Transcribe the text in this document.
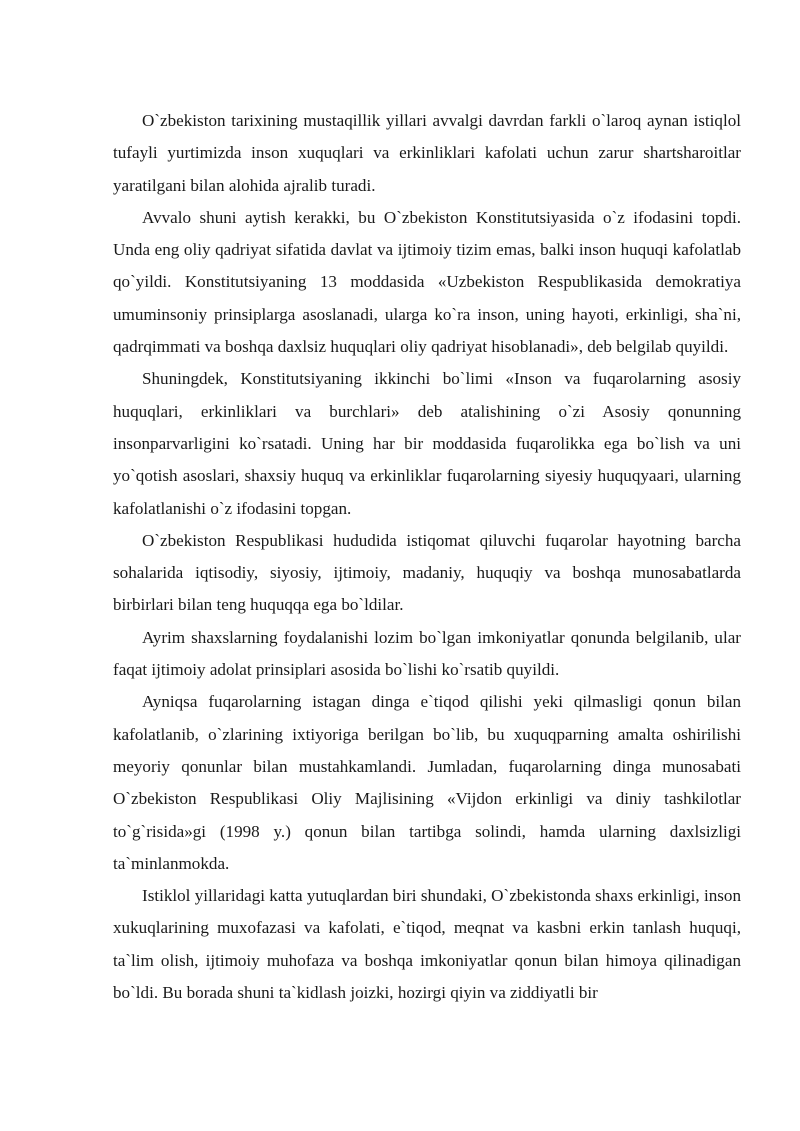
O`zbekiston tarixining mustaqillik yillari avvalgi davrdan farkli o`laroq aynan istiqlol tufayli yurtimizda inson xuquqlari va erkinliklari kafolati uchun zarur shartsharoitlar yaratilgani bilan alohida ajralib turadi.

Avvalo shuni aytish kerakki, bu O`zbekiston Konstitutsiyasida o`z ifodasini topdi. Unda eng oliy qadriyat sifatida davlat va ijtimoiy tizim emas, balki inson huquqi kafolatlab qo`yildi. Konstitutsiyaning 13 moddasida «Uzbekiston Respublikasida demokratiya umuminsoniy prinsiplarga asoslanadi, ularga ko`ra inson, uning hayoti, erkinligi, sha`ni, qadrqimmati va boshqa daxlsiz huquqlari oliy qadriyat hisoblanadi», deb belgilab quyildi.

Shuningdek, Konstitutsiyaning ikkinchi bo`limi «Inson va fuqarolarning asosiy huquqlari, erkinliklari va burchlari» deb atalishining o`zi Asosiy qonunning insonparvarligini ko`rsatadi. Uning har bir moddasida fuqarolikka ega bo`lish va uni yo`qotish asoslari, shaxsiy huquq va erkinliklar fuqarolarning siyesiy huquqyaari, ularning kafolatlanishi o`z ifodasini topgan.

O`zbekiston Respublikasi hududida istiqomat qiluvchi fuqarolar hayotning barcha sohalarida iqtisodiy, siyosiy, ijtimoiy, madaniy, huquqiy va boshqa munosabatlarda birbirlari bilan teng huquqqa ega bo`ldilar.

Ayrim shaxslarning foydalanishi lozim bo`lgan imkoniyatlar qonunda belgilanib, ular faqat ijtimoiy adolat prinsiplari asosida bo`lishi ko`rsatib quyildi.

Ayniqsa fuqarolarning istagan dinga e`tiqod qilishi yeki qilmasligi qonun bilan kafolatlanib, o`zlarining ixtiyoriga berilgan bo`lib, bu xuquqparning amalta oshirilishi meyoriy qonunlar bilan mustahkamlandi. Jumladan, fuqarolarning dinga munosabati O`zbekiston Respublikasi Oliy Majlisining «Vijdon erkinligi va diniy tashkilotlar to`g`risida»gi (1998 y.) qonun bilan tartibga solindi, hamda ularning daxlsizligi ta`minlanmokda.

Istiklol yillaridagi katta yutuqlardan biri shundaki, O`zbekistonda shaxs erkinligi, inson xukuqlarining muxofazasi va kafolati, e`tiqod, meqnat va kasbni erkin tanlash huquqi, ta`lim olish, ijtimoiy muhofaza va boshqa imkoniyatlar qonun bilan himoya qilinadigan bo`ldi. Bu borada shuni ta`kidlash joizki, hozirgi qiyin va ziddiyatli bir
